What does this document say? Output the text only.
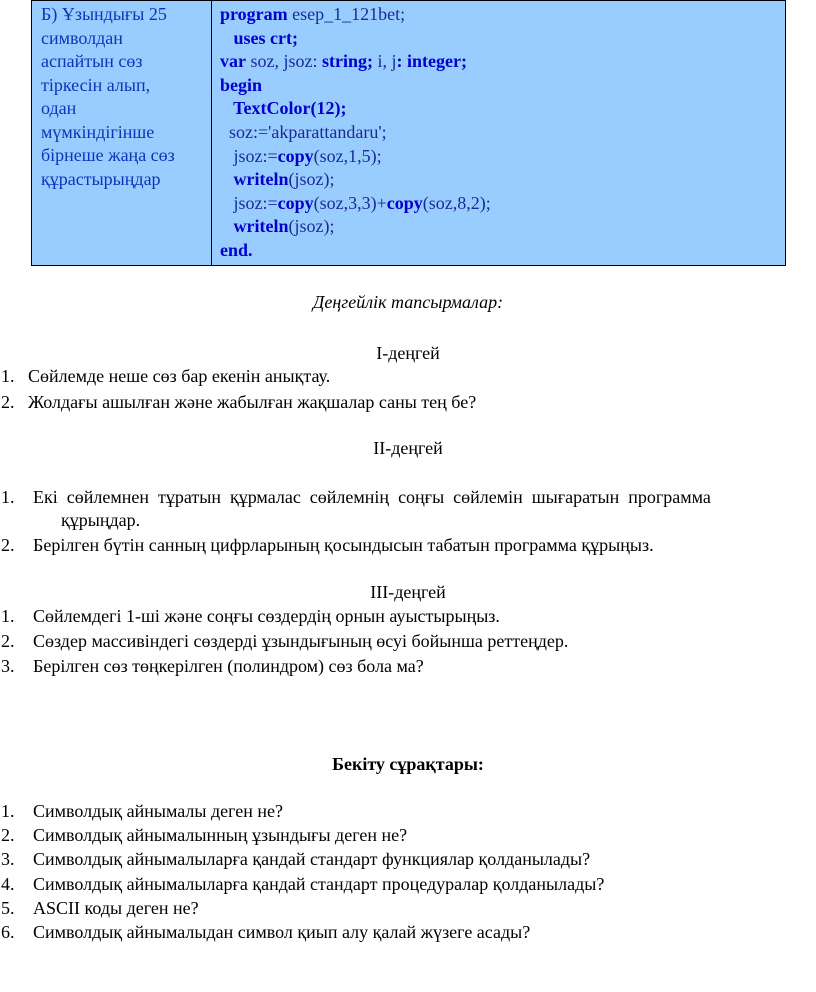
Б) Ұзындығы 25
символдан
аспайтын сөз
тіркесін алып,
одан
мүмкіндігінше
бірнеше жаңа сөз
құрастырыңдар
program esep_1_121bet;
uses crt;
var soz, jsoz: string; i, j: integer;
begin
TextColor(12);
soz:='akparattandaru';
jsoz:=copy(soz,1,5);
writeln(jsoz);
jsoz:=copy(soz,3,3)+copy(soz,8,2);
writeln(jsoz);
end.
Деңгейлік тапсырмалар:
І-деңгей
1. Сөйлемде неше сөз бар екенін анықтау.
2. Жолдағы ашылған және жабылған жақшалар саны тең бе?
ІІ-деңгей
1. Екі  сөйлемнен  тұратын  құрмалас  сөйлемнің  соңғы  сөйлемін  шығаратын  программа
құрыңдар.
2. Берілген бүтін санның цифрларының қосындысын табатын программа құрыңыз.
ІІІ-деңгей
1. Сөйлемдегі 1-ші және соңғы сөздердің орнын ауыстырыңыз.
2. Сөздер массивіндегі сөздерді ұзындығының өсуі бойынша реттеңдер.
3. Берілген сөз төңкерілген (полиндром) сөз бола ма?
Бекіту сұрақтары:
1. Символдық айнымалы деген не?
2. Символдық айнымалынның ұзындығы деген не?
3. Символдық айнымалыларға қандай стандарт функциялар қолданылады?
4. Символдық айнымалыларға қандай стандарт процедуралар қолданылады?
5. ASCII коды деген не?
6. Символдық айнымалыдан символ қиып алу қалай жүзеге асады?
